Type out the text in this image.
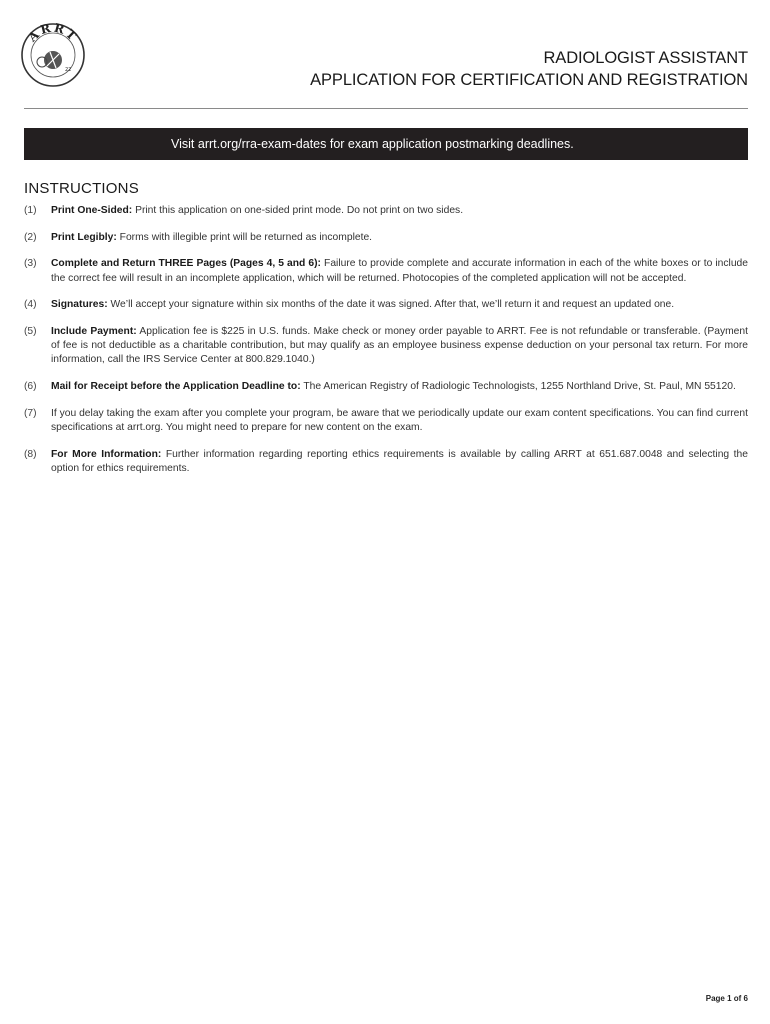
ARRT
22
RADIOLOGIST ASSISTANT
APPLICATION FOR CERTIFICATION AND REGISTRATION
Visit arrt.org/rra-exam-dates for exam application postmarking deadlines.
INSTRUCTIONS
(1) Print One-Sided: Print this application on one-sided print mode. Do not print on two sides.
(2) Print Legibly: Forms with illegible print will be returned as incomplete.
(3) Complete and Return THREE Pages (Pages 4, 5 and 6): Failure to provide complete and accurate information in each of the white boxes or to include the correct fee will result in an incomplete application, which will be returned. Photocopies of the completed application will not be accepted.
(4) Signatures: We’ll accept your signature within six months of the date it was signed. After that, we’ll return it and request an updated one.
(5) Include Payment: Application fee is $225 in U.S. funds. Make check or money order payable to ARRT. Fee is not refundable or transferable. (Payment of fee is not deductible as a charitable contribution, but may qualify as an employee business expense deduction on your personal tax return. For more information, call the IRS Service Center at 800.829.1040.)
(6) Mail for Receipt before the Application Deadline to: The American Registry of Radiologic Technologists, 1255 Northland Drive, St. Paul, MN 55120.
(7) If you delay taking the exam after you complete your program, be aware that we periodically update our exam content specifications. You can find current specifications at arrt.org. You might need to prepare for new content on the exam.
(8) For More Information: Further information regarding reporting ethics requirements is available by calling ARRT at 651.687.0048 and selecting the option for ethics requirements.
Page 1 of 6
